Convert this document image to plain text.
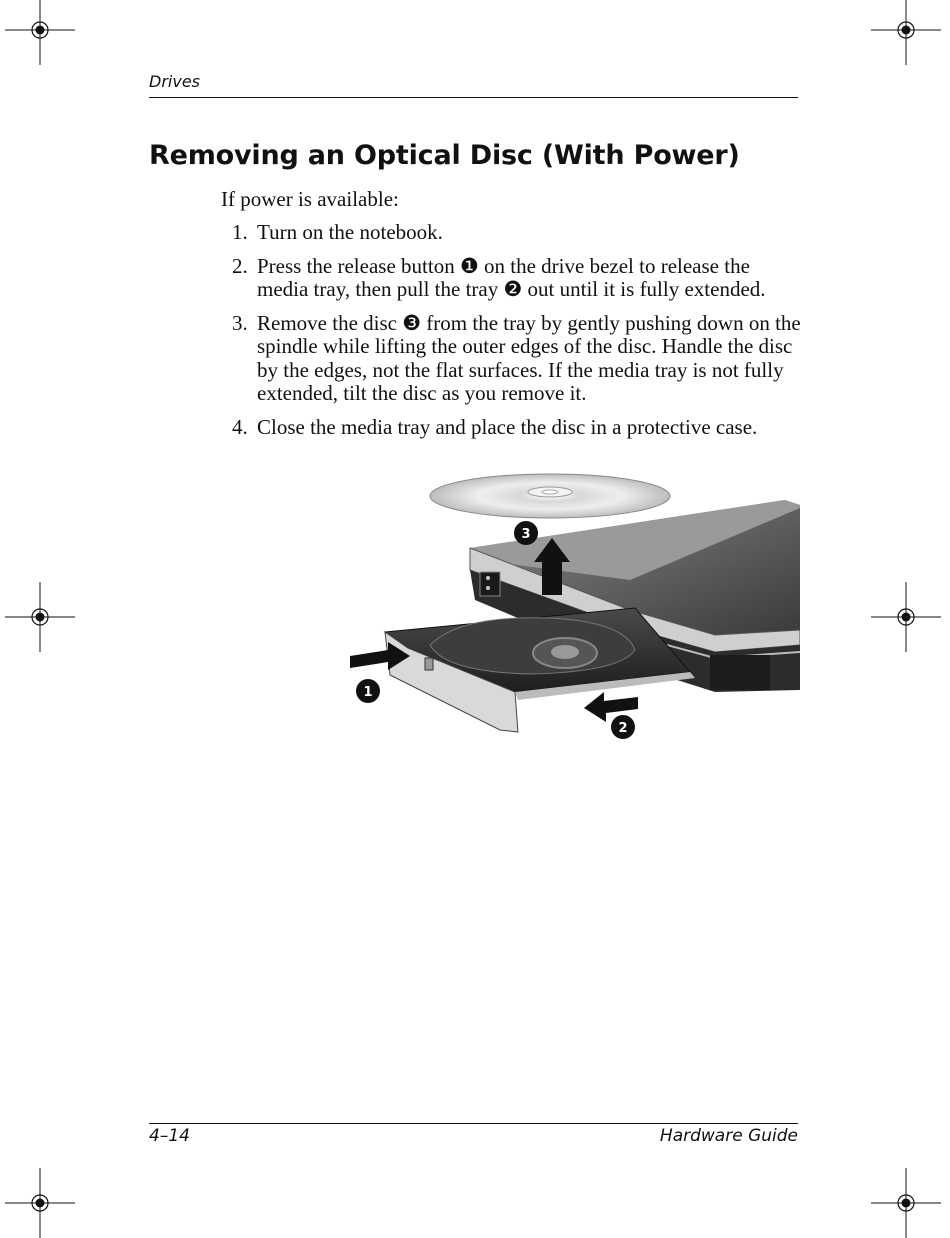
Drives
Removing an Optical Disc (With Power)

If power is available:

1. Turn on the notebook.
2. Press the release button ❶ on the drive bezel to release the media tray, then pull the tray ❷ out until it is fully extended.
3. Remove the disc ❸ from the tray by gently pushing down on the spindle while lifting the outer edges of the disc. Handle the disc by the edges, not the flat surfaces. If the media tray is not fully extended, tilt the disc as you remove it.
4. Close the media tray and place the disc in a protective case.
1
2
3
4–14	Hardware Guide
